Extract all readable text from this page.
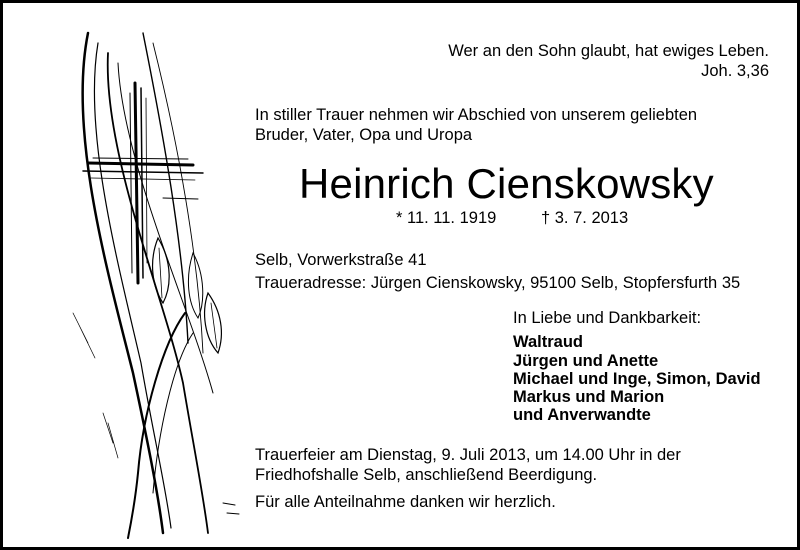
Wer an den Sohn glaubt, hat ewiges Leben.
Joh. 3,36
In stiller Trauer nehmen wir Abschied von unserem geliebten
Bruder, Vater, Opa und Uropa
Heinrich Cienskowsky
* 11. 11. 1919	† 3. 7. 2013
Selb, Vorwerkstraße 41
Traueradresse: Jürgen Cienskowsky, 95100 Selb, Stopfersfurth 35
In Liebe und Dankbarkeit:
Waltraud
Jürgen und Anette
Michael und Inge, Simon, David
Markus und Marion
und Anverwandte
Trauerfeier am Dienstag, 9. Juli 2013, um 14.00 Uhr in der
Friedhofshalle Selb, anschließend Beerdigung.
Für alle Anteilnahme danken wir herzlich.
